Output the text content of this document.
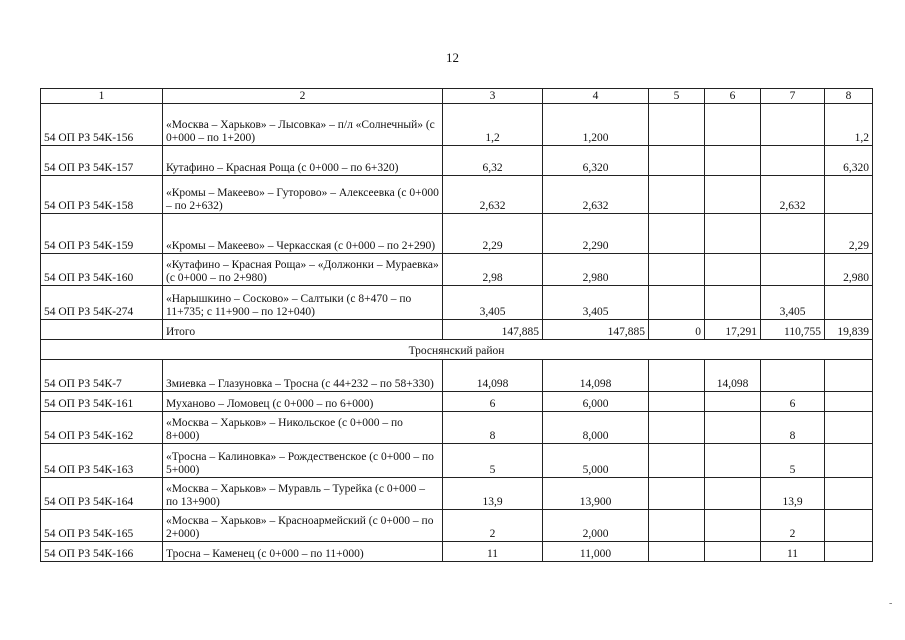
12
1	2	3	4	5	6	7	8
54 ОП РЗ 54К-156	«Москва – Харьков» – Лысовка» – п/л «Солнечный» (с 0+000 – по 1+200)	1,2	1,200				1,2
54 ОП РЗ 54К-157	Кутафино – Красная Роща (с 0+000 – по 6+320)	6,32	6,320				6,320
54 ОП РЗ 54К-158	«Кромы – Макеево» – Гуторово» – Алексеевка (с 0+000 – по 2+632)	2,632	2,632			2,632	
54 ОП РЗ 54К-159	«Кромы – Макеево» – Черкасская (с 0+000 – по 2+290)	2,29	2,290				2,29
54 ОП РЗ 54К-160	«Кутафино – Красная Роща» – «Должонки – Мураевка» (с 0+000 – по 2+980)	2,98	2,980				2,980
54 ОП РЗ 54К-274	«Нарышкино – Сосково» – Салтыки (с 8+470 – по 11+735; с 11+900 – по 12+040)	3,405	3,405			3,405	
	Итого	147,885	147,885	0	17,291	110,755	19,839
Троснянский район							
54 ОП РЗ 54К-7	Змиевка – Глазуновка – Тросна (с 44+232 – по 58+330)	14,098	14,098		14,098		
54 ОП РЗ 54К-161	Муханово – Ломовец (с 0+000 – по 6+000)	6	6,000			6	
54 ОП РЗ 54К-162	«Москва – Харьков» – Никольское (с 0+000 – по 8+000)	8	8,000			8	
54 ОП РЗ 54К-163	«Тросна – Калиновка» – Рождественское (с 0+000 – по 5+000)	5	5,000			5	
54 ОП РЗ 54К-164	«Москва – Харьков» – Муравль – Турейка (с 0+000 – по 13+900)	13,9	13,900			13,9	
54 ОП РЗ 54К-165	«Москва – Харьков» – Красноармейский (с 0+000 – по 2+000)	2	2,000			2	
54 ОП РЗ 54К-166	Тросна – Каменец (с 0+000 – по 11+000)	11	11,000			11	
‐
